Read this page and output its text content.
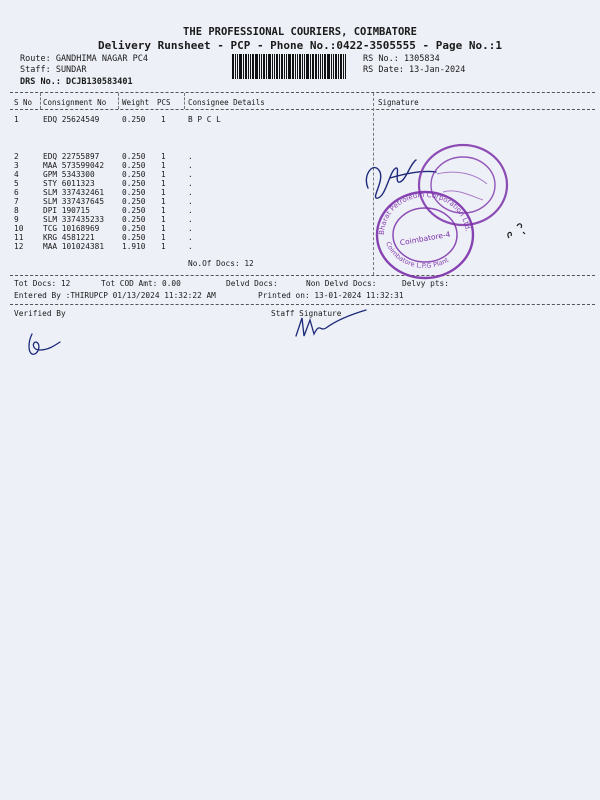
THE PROFESSIONAL COURIERS, COIMBATORE
Delivery Runsheet - PCP - Phone No.:0422-3505555 - Page No.:1
Route: GANDHIMA NAGAR PC4
Staff: SUNDAR
DRS No.: DCJB130583401
RS No.: 1305834
RS Date: 13-Jan-2024
S No Consignment No Weight PCS Consignee Details	Signature
1	EDQ 25624549	0.250 1	B P C L
2	EDQ 22755897	0.250 1	.
3	MAA 573599042 0.250 1	.
4	GPM 5343300	0.250 1	.
5	STY 6011323	0.250 1	.
6	SLM 337432461 0.250 1	.
7	SLM 337437645 0.250 1	.
8	DPI 190715	0.250 1	.
9	SLM 337435233 0.250 1	.
10	TCG 10168969	0.250 1	.
11	KRG 4581221	0.250 1	.
12	MAA 101024381 1.910 1	.
No.Of Docs: 12
Tot Docs: 12	Tot COD Amt: 0.00	Delvd Docs:	Non Delvd Docs:	Delvy pts:
Entered By :THIRUPCP 01/13/2024 11:32:22 AM	Printed on: 13-01-2024 11:32:31
Verified By	Staff Signature
Bharat Petroleum Corporation Ltd.
Coimbatore L.P.G Plant
Coimbatore-4
